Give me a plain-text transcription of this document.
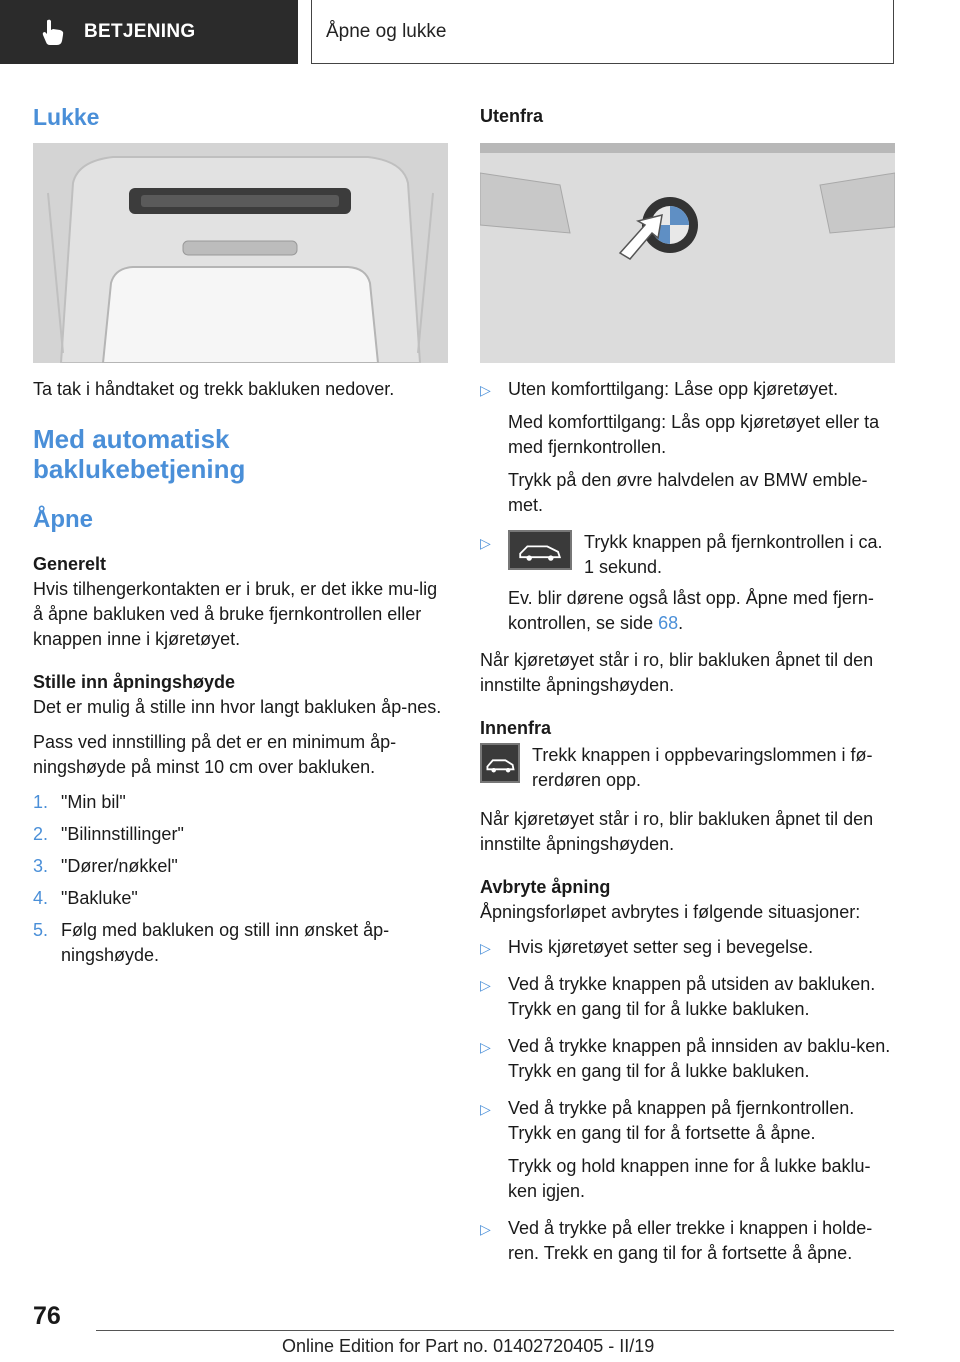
BETJENING	Åpne og lukke
Lukke

Ta tak i håndtaket og trekk bakluken nedover.

Med automatisk baklukebetjening
Åpne
Generelt

Hvis tilhengerkontakten er i bruk, er det ikke mu-lig å åpne bakluken ved å bruke fjernkontrollen eller knappen inne i kjøretøyet.

Stille inn åpningshøyde

Det er mulig å stille inn hvor langt bakluken åp-nes.

Pass ved innstilling på det er en minimum åp-ningshøyde på minst 10 cm over bakluken.

1. "Min bil"
2. "Bilinnstillinger"
3. "Dører/nøkkel"
4. "Bakluke"
5. Følg med bakluken og still inn ønsket åp-ningshøyde.
Utenfra
▷ Uten komforttilgang: Låse opp kjøretøyet.

Med komforttilgang: Lås opp kjøretøyet eller ta med fjernkontrollen.

Trykk på den øvre halvdelen av BMW emble-met.

▷	Trykk knappen på fjernkontrollen i ca. 1 sekund.

Ev. blir dørene også låst opp. Åpne med fjern-kontrollen, se side 68.

Når kjøretøyet står i ro, blir bakluken åpnet til den innstilte åpningshøyden.

Innenfra
Trekk knappen i oppbevaringslommen i fø-rerdøren opp.

Når kjøretøyet står i ro, blir bakluken åpnet til den innstilte åpningshøyden.

Avbryte åpning

Åpningsforløpet avbrytes i følgende situasjoner:

▷ Hvis kjøretøyet setter seg i bevegelse.
▷ Ved å trykke knappen på utsiden av bakluken. Trykk en gang til for å lukke bakluken.
▷ Ved å trykke knappen på innsiden av baklu-ken. Trykk en gang til for å lukke bakluken.
▷ Ved å trykke på knappen på fjernkontrollen. Trykk en gang til for å fortsette å åpne.

Trykk og hold knappen inne for å lukke baklu-ken igjen.

▷ Ved å trykke på eller trekke i knappen i holde-ren. Trekk en gang til for å fortsette å åpne.
76
Online Edition for Part no. 01402720405 - II/19
